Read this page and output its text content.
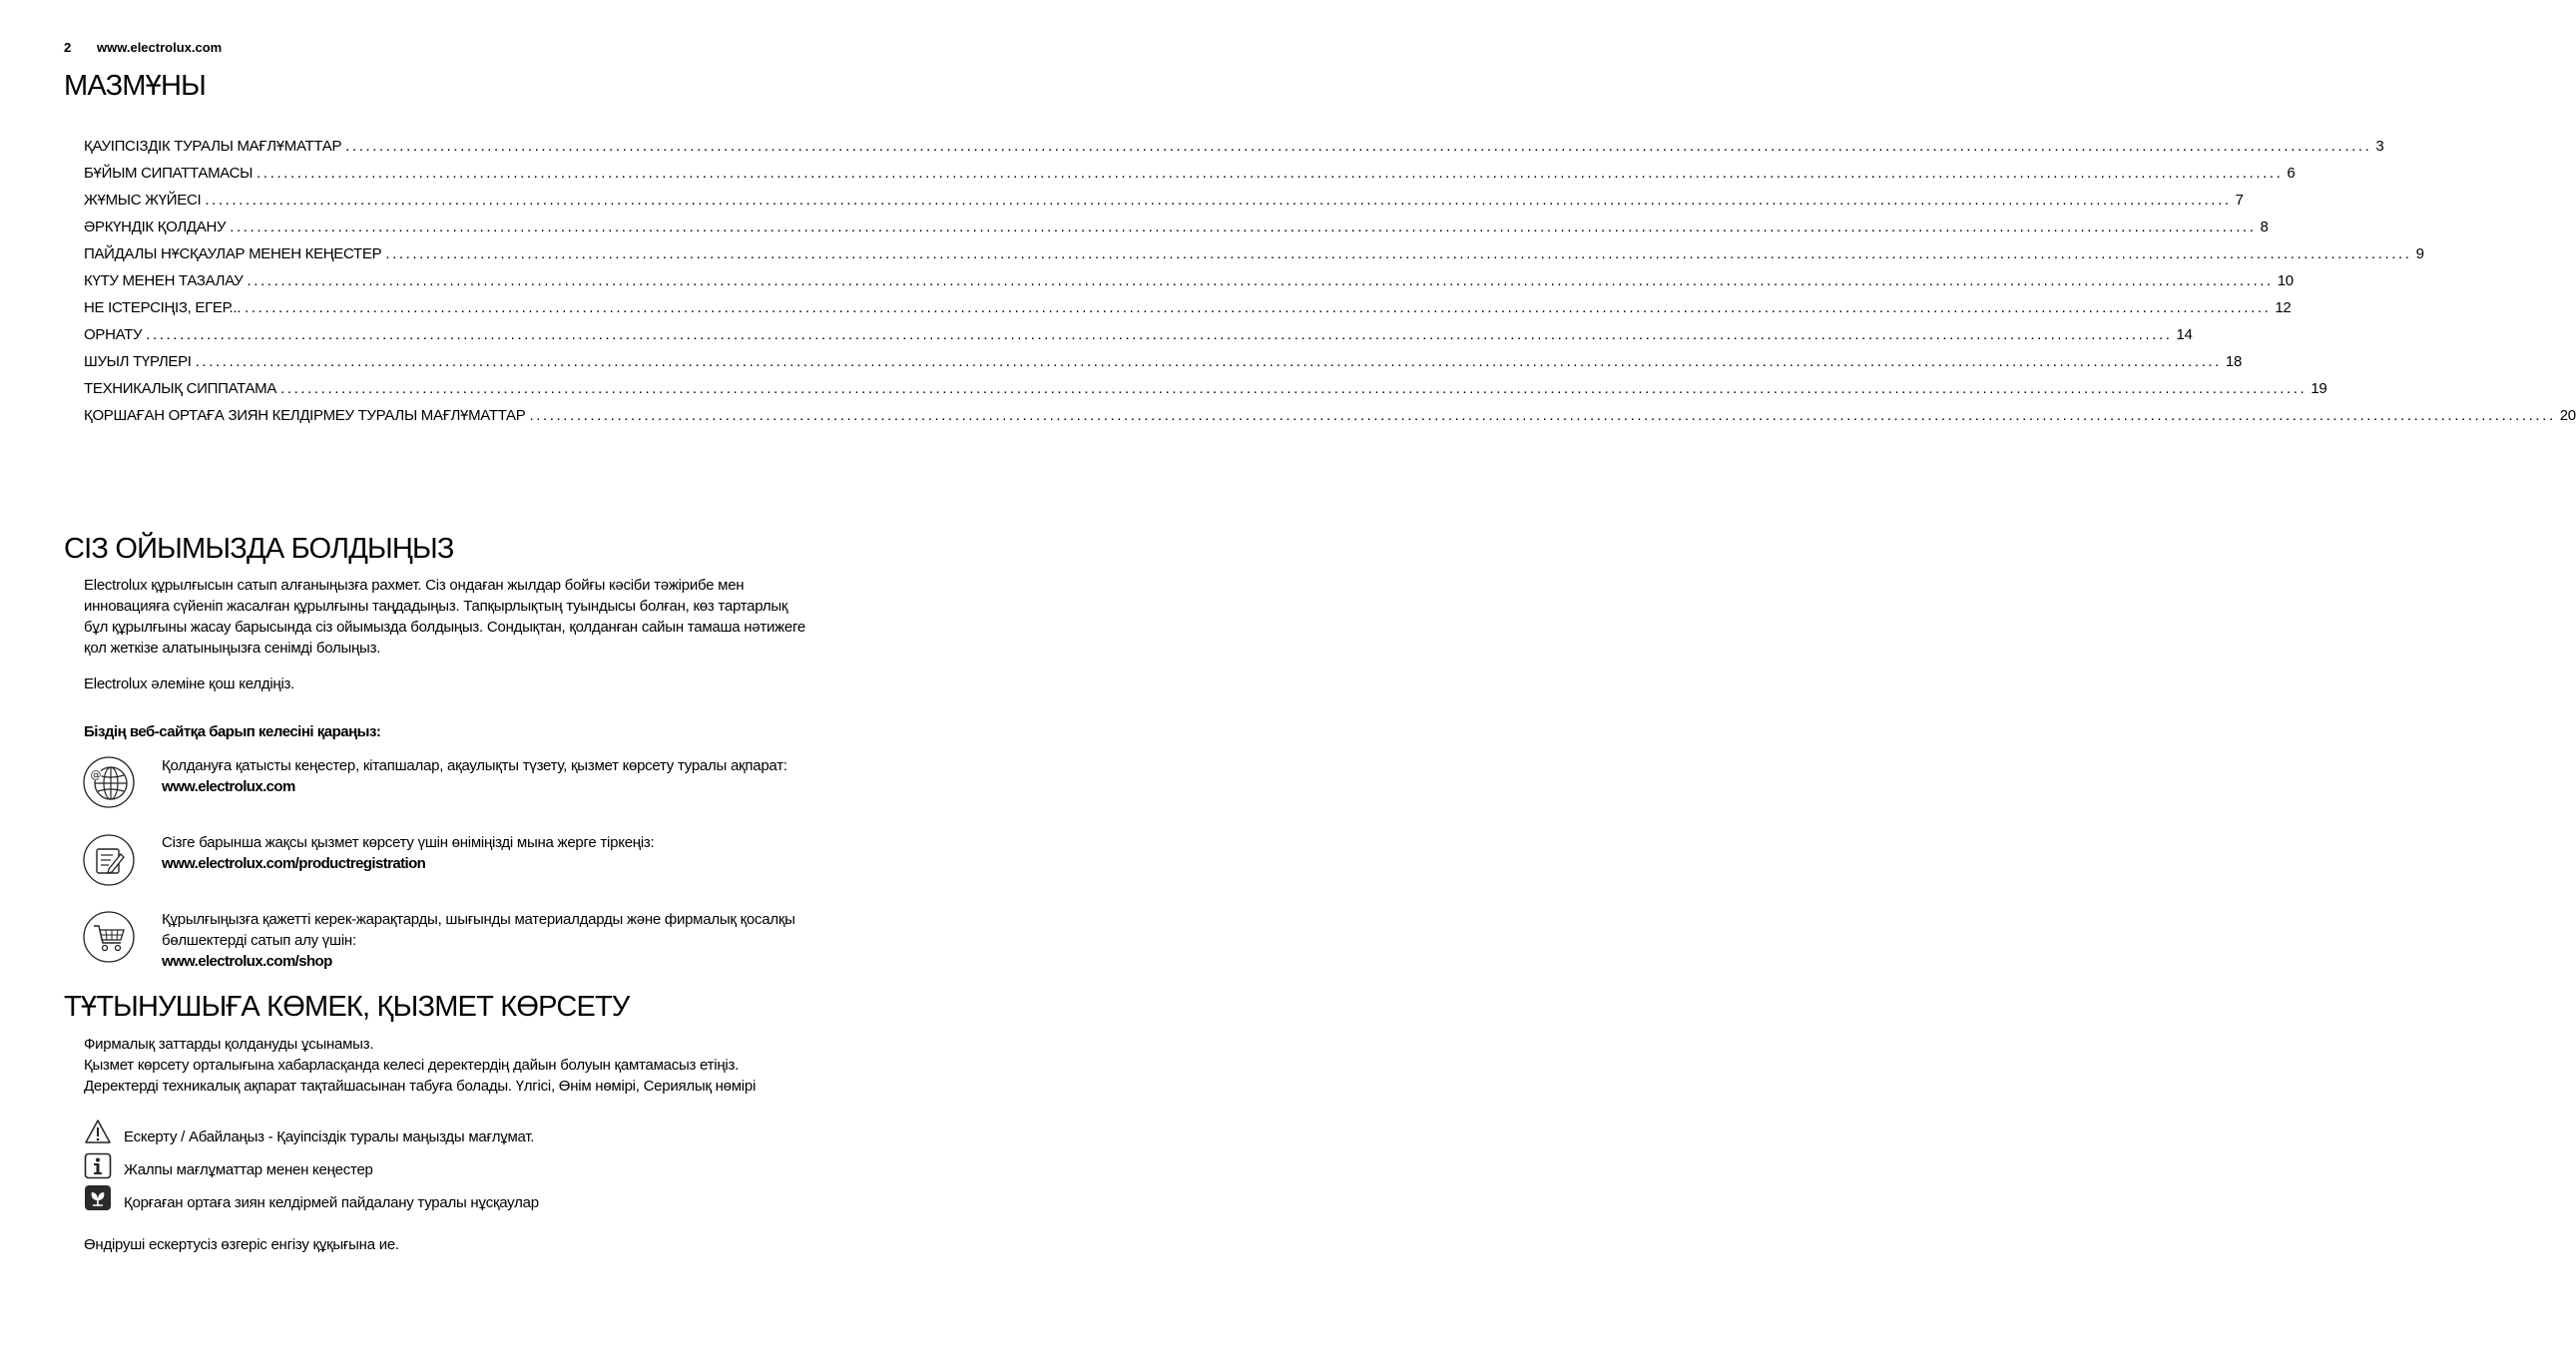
2 www.electrolux.com
МАЗМҰНЫ
ҚАУІПСІЗДІК ТУРАЛЫ МАҒЛҰМАТТАР ............................................................................................................................................................................................................................................................................................................ 3
БҰЙЫМ СИПАТТАМАСЫ ............................................................................................................................................................................................................................................................................................................ 6
ЖҰМЫС ЖҮЙЕСІ ............................................................................................................................................................................................................................................................................................................ 7
ӘРКҮНДІК ҚОЛДАНУ ............................................................................................................................................................................................................................................................................................................ 8
ПАЙДАЛЫ НҰСҚАУЛАР МЕНЕН КЕҢЕСТЕР ............................................................................................................................................................................................................................................................................................................ 9
КҮТУ МЕНЕН ТАЗАЛАУ ............................................................................................................................................................................................................................................................................................................ 10
НЕ ІСТЕРСІҢІЗ, ЕГЕР... ............................................................................................................................................................................................................................................................................................................ 12
ОРНАТУ ............................................................................................................................................................................................................................................................................................................ 14
ШУЫЛ ТҮРЛЕРІ ............................................................................................................................................................................................................................................................................................................ 18
ТЕХНИКАЛЫҚ СИППАТАМА ............................................................................................................................................................................................................................................................................................................ 19
ҚОРШАҒАН ОРТАҒА ЗИЯН КЕЛДІРМЕУ ТУРАЛЫ МАҒЛҰМАТТАР ............................................................................................................................................................................................................................................................................................................ 20
СІЗ ОЙЫМЫЗДА БОЛДЫҢЫЗ

Electrolux құрылғысын сатып алғаныңызға рахмет. Сіз ондаған жылдар бойғы кәсіби тәжірибе мен

инновацияға сүйеніп жасалған құрылғыны таңдадыңыз. Тапқырлықтың туындысы болған, көз тартарлық

бұл құрылғыны жасау барысында сіз ойымызда болдыңыз. Сондықтан, қолданған сайын тамаша нәтижеге

қол жеткізе алатыныңызға сенімді болыңыз.

Electrolux әлеміне қош келдіңіз.

Біздің веб-сайтқа барып келесіні қараңыз:

@

Қолдануға қатысты кеңестер, кітапшалар, ақаулықты түзету, қызмет көрсету туралы ақпарат:

www.electrolux.com

Сізге барынша жақсы қызмет көрсету үшін өніміңізді мына жерге тіркеңіз:

www.electrolux.com/productregistration

Құрылғыңызға қажетті керек-жарақтарды, шығынды материалдарды және фирмалық қосалқы

бөлшектерді сатып алу үшін:

www.electrolux.com/shop

ТҰТЫНУШЫҒА КӨМЕК, ҚЫЗМЕТ КӨРСЕТУ

Фирмалық заттарды қолдануды ұсынамыз.

Қызмет көрсету орталығына хабарласқанда келесі деректердің дайын болуын қамтамасыз етіңіз.

Деректерді техникалық ақпарат тақтайшасынан табуға болады. Үлгісі, Өнім нөмірі, Сериялық нөмірі

Ескерту / Абайлаңыз - Қауіпсіздік туралы маңызды мағлұмат.

Жалпы мағлұматтар менен кеңестер

Қорғаған ортаға зиян келдірмей пайдалану туралы нұсқаулар

Өндіруші ескертусіз өзгеріс енгізу құқығына ие.
